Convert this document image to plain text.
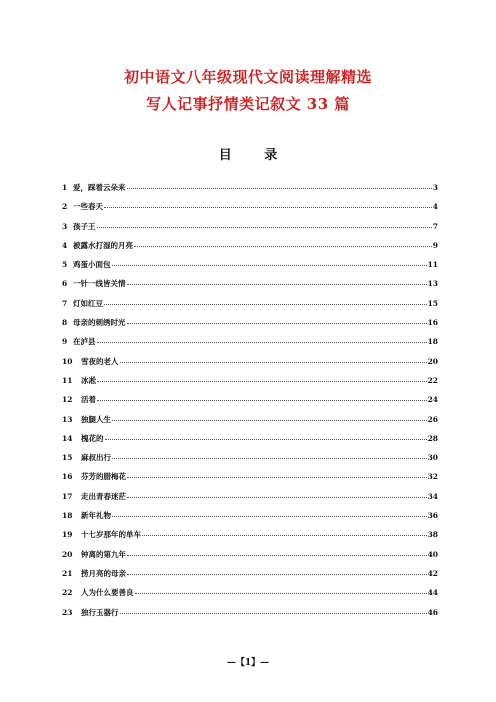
初中语文八年级现代文阅读理解精选
写人记事抒情类记叙文 33 篇
目 录
1 爱，踩着云朵来	3
2 一些春天	4
3 孩子王	7
4 被露水打湿的月亮	9
5 鸡蛋小面包	11
6 一针一线皆关情	13
7 灯如红豆	15
8 母亲的刺绣时光	16
9 在泸县	18
10	雪夜的老人	20
11	冰凇	22
12	活着	24
13	独腿人生	26
14	槐花的	28
15	麻叔出行	30
16	芬芳的腊梅花	32
17	走出青春迷茫	34
18	新年礼物	36
19	十七岁那年的单车	38
20	钟离的第九年	40
21	捞月亮的母亲	42
22	人为什么要善良	44
23	独行玉器行	46
—【1】—
